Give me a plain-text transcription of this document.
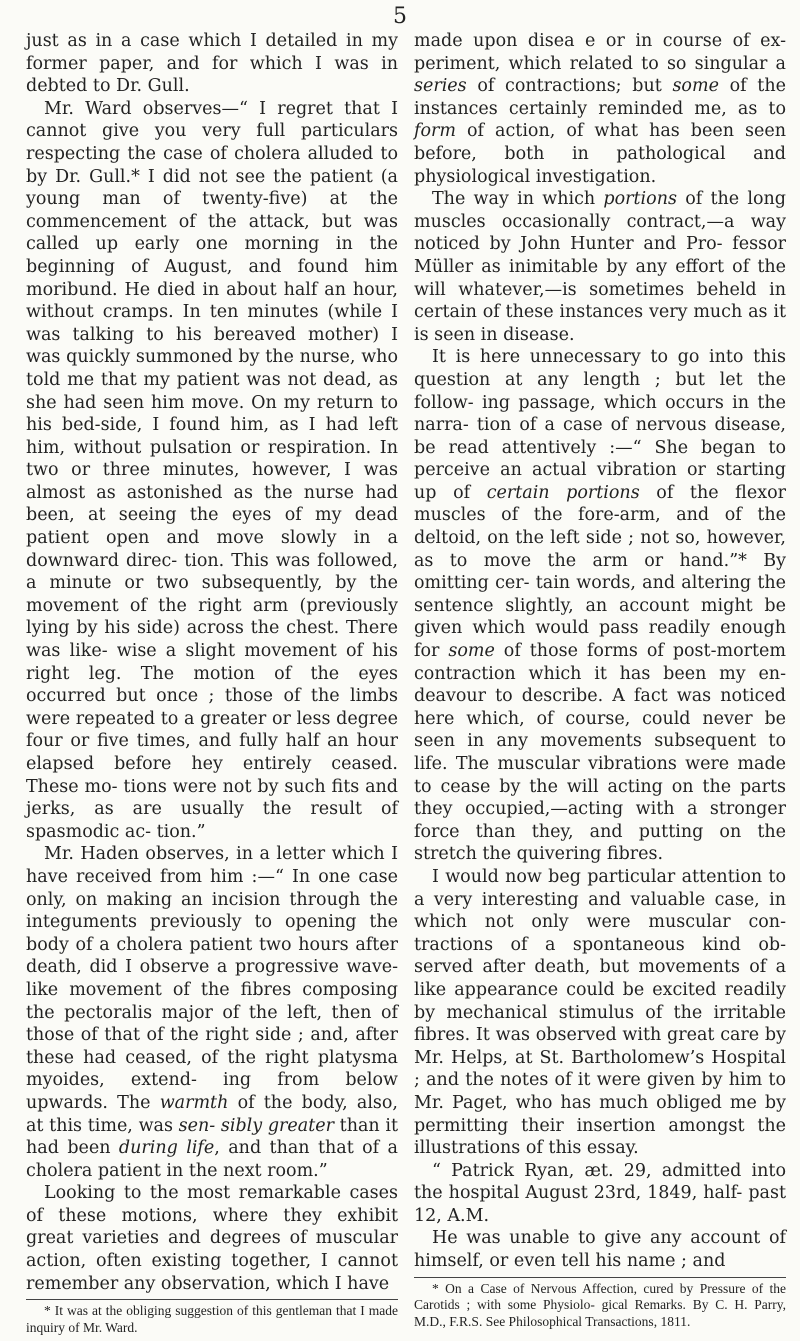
5

just as in a case which I detailed in my former paper, and for which I was in debted to Dr. Gull.

Mr. Ward observes—“ I regret that I cannot give you very full particulars respecting the case of cholera alluded to by Dr. Gull.* I did not see the patient (a young man of twenty-five) at the commencement of the attack, but was called up early one morning in the beginning of August, and found him moribund. He died in about half an hour, without cramps. In ten minutes (while I was talking to his bereaved mother) I was quickly summoned by the nurse, who told me that my patient was not dead, as she had seen him move. On my return to his bed-side, I found him, as I had left him, without pulsation or respiration. In two or three minutes, however, I was almost as astonished as the nurse had been, at seeing the eyes of my dead patient open and move slowly in a downward direc- tion. This was followed, a minute or two subsequently, by the movement of the right arm (previously lying by his side) across the chest. There was like- wise a slight movement of his right leg. The motion of the eyes occurred but once ; those of the limbs were repeated to a greater or less degree four or five times, and fully half an hour elapsed before hey entirely ceased. These mo- tions were not by such fits and jerks, as are usually the result of spasmodic ac- tion.”

Mr. Haden observes, in a letter which I have received from him :—“ In one case only, on making an incision through the integuments previously to opening the body of a cholera patient two hours after death, did I observe a progressive wave-like movement of the fibres composing the pectoralis major of the left, then of those of that of the right side ; and, after these had ceased, of the right platysma myoides, extend- ing from below upwards. The warmth of the body, also, at this time, was sen- sibly greater than it had been during life, and than that of a cholera patient in the next room.”

Looking to the most remarkable cases of these motions, where they exhibit great varieties and degrees of muscular action, often existing together, I cannot remember any observation, which I have

* It was at the obliging suggestion of this gentleman that I made inquiry of Mr. Ward.

made upon disea e or in course of ex- periment, which related to so singular a series of contractions; but some of the instances certainly reminded me, as to form of action, of what has been seen before, both in pathological and physiological investigation.

The way in which portions of the long muscles occasionally contract,—a way noticed by John Hunter and Pro- fessor Müller as inimitable by any effort of the will whatever,—is sometimes beheld in certain of these instances very much as it is seen in disease.

It is here unnecessary to go into this question at any length ; but let the follow- ing passage, which occurs in the narra- tion of a case of nervous disease, be read attentively :—“ She began to perceive an actual vibration or starting up of certain portions of the flexor muscles of the fore-arm, and of the deltoid, on the left side ; not so, however, as to move the arm or hand.”* By omitting cer- tain words, and altering the sentence slightly, an account might be given which would pass readily enough for some of those forms of post-mortem contraction which it has been my en- deavour to describe. A fact was noticed here which, of course, could never be seen in any movements subsequent to life. The muscular vibrations were made to cease by the will acting on the parts they occupied,—acting with a stronger force than they, and putting on the stretch the quivering fibres.

I would now beg particular attention to a very interesting and valuable case, in which not only were muscular con- tractions of a spontaneous kind ob- served after death, but movements of a like appearance could be excited readily by mechanical stimulus of the irritable fibres. It was observed with great care by Mr. Helps, at St. Bartholomew’s Hospital ; and the notes of it were given by him to Mr. Paget, who has much obliged me by permitting their insertion amongst the illustrations of this essay.

“ Patrick Ryan, æt. 29, admitted into the hospital August 23rd, 1849, half- past 12, A.M.

He was unable to give any account of himself, or even tell his name ; and

* On a Case of Nervous Affection, cured by Pressure of the Carotids ; with some Physiolo- gical Remarks. By C. H. Parry, M.D., F.R.S. See Philosophical Transactions, 1811.
